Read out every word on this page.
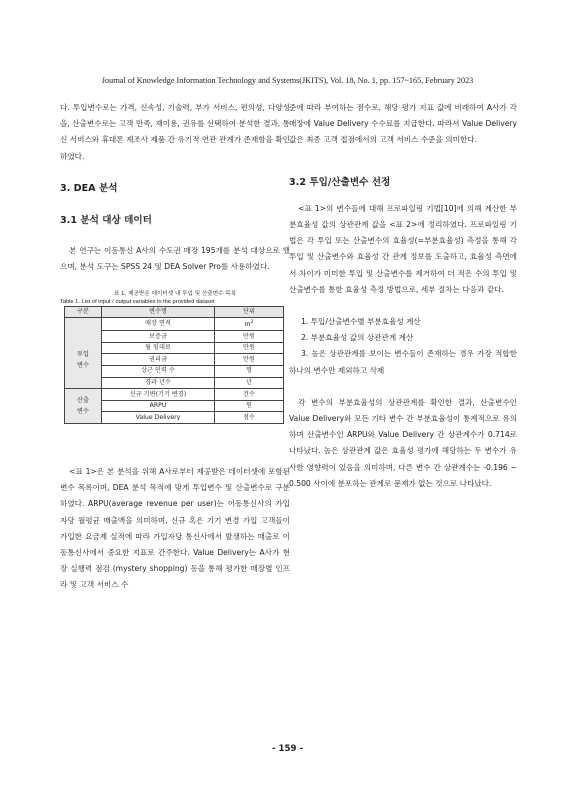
Journal of Knowledge Information Technology and Systems(JKITS), Vol. 18, No. 1, pp. 157~165, February 2023

다. 투입변수로는 가격, 신속성, 기술력, 부가 서비스, 편의성, 다양성을, 산출변수로는 고객 만족, 재이용, 권유를 선택하여 분석한 결과, 통신 서비스와 휴대폰 제조사 제품 간 유기적 연관 관계가 존재함을 확인하였다.

3. DEA 분석

3.1 분석 대상 데이터

본 연구는 이동통신 A사의 수도권 매장 195개를 분석 대상으로 했으며, 분석 도구는 SPSS 24 및 DEA Solver Pro를 사용하였다.

표 1. 제공받은 데이터셋 내 투입 및 산출변수 목록
Table 1. List of input / output variables in the provided dataset
구분	변수명	단위
	매장 면적	$m^2$
투입
변수	보증금	만원
	월 임대료	만원
	권리금	만원
	상근 인력 수	명
	경과 년수	년
산출
변수	신규 기변(기기 변경)	건수
	ARPU	원
	Value Delivery	점수

<표 1>은 본 분석을 위해 A사로부터 제공받은 데이터셋에 포함된 변수 목록이며, DEA 분석 목적에 맞게 투입변수 및 산출변수로 구분하였다. ARPU(average revenue per user)는 이동통신사의 가입자당 월평균 매출액을 의미하며, 신규 혹은 기기 변경 가입 고객들이 가입한 요금제 실적에 따라 가입자당 통신사에서 발생하는 매출로 이동통신사에서 중요한 지표로 간주한다. Value Delivery는 A사가 현장 실행력 점검 (mystery shopping) 등을 통해 평가한 매장별 인프라 및 고객 서비스 수

준에 따라 부여하는 점수로, 해당 평가 지표 값에 비례하여 A사가 각 매장에 Value Delivery 수수료를 지급한다. 따라서 Value Delivery 값은 최종 고객 접점에서의 고객 서비스 수준을 의미한다.

3.2 투입/산출변수 선정

<표 1>의 변수들에 대해 프로파일링 기법[10]에 의해 계산한 부분효율성 값의 상관관계 값을 <표 2>에 정리하였다. 프로파일링 기법은 각 투입 또는 산출변수의 효율성(=부분효율성) 측정을 통해 각 투입 및 산출변수와 효율성 간 관계 정보를 도출하고, 효율성 측면에서 차이가 미미한 투입 및 산출변수를 제거하여 더 적은 수의 투입 및 산출변수를 통한 효율성 측정 방법으로, 세부 절차는 다음과 같다.

1. 투입/산출변수별 부분효율성 계산

2. 부분효율성 값의 상관관계 계산

3. 높은 상관관계를 보이는 변수들이 존재하는 경우 가장 적합한 하나의 변수만 제외하고 삭제

각 변수의 부분효율성의 상관관계를 확인한 결과, 산출변수인 Value Delivery와 모든 기타 변수 간 부분효율성이 통계적으로 유의하며 산출변수인 ARPU와 Value Delivery 간 상관계수가 0.714로 나타났다. 높은 상관관계 값은 효율성 평가에 해당하는 두 변수가 유사한 영향력이 있음을 의미하며, 다른 변수 간 상관계수는 -0.196 ~ 0.500 사이에 분포하는 관계로 문제가 없는 것으로 나타났다.

- 159 -
